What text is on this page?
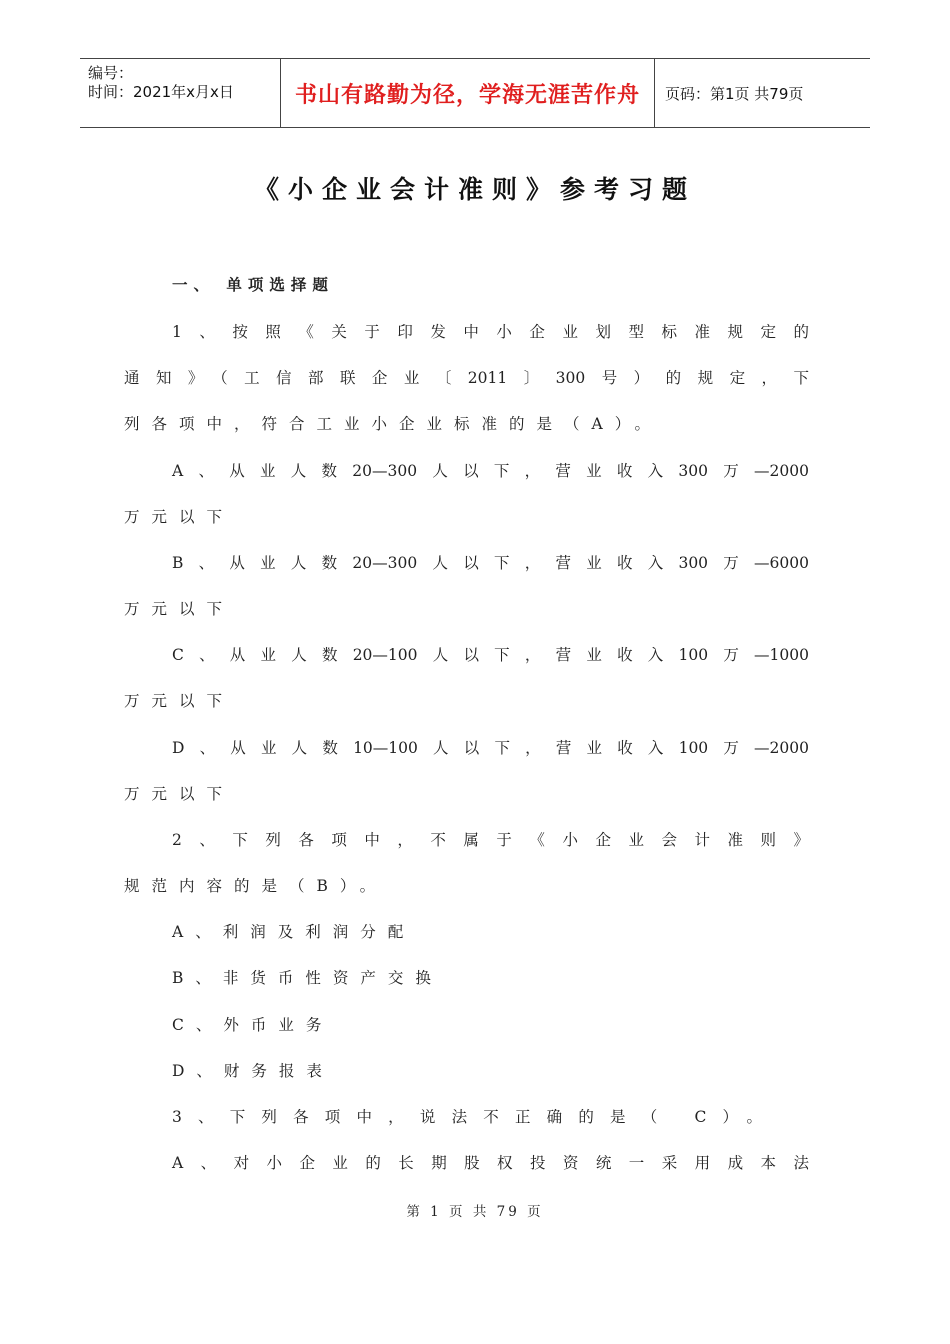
编号：
时间：2021年x月x日	书山有路勤为径，学海无涯苦作舟 页码：第1页 共79页
《小企业会计准则》参考习题
一、 单项选择题
1、按照《关于印发中小企业划型标准规定的
通知》（工信部联企业〔2011〕300号）的规定，下
列各项中，符合工业小企业标准的是（A）。
A、从业人数20—300人以下，营业收入300万—2000
万元以下
B、从业人数20—300人以下，营业收入300万—6000
万元以下
C、从业人数20—100人以下，营业收入100万—1000
万元以下
D、从业人数10—100人以下，营业收入100万—2000
万元以下
2、下列各项中，不属于《小企业会计准则》
规范内容的是（B）。
A、利润及利润分配
B、非货币性资产交换
C、外币业务
D、财务报表
3、下列各项中，说法不正确的是（ C）。
A、对小企业的长期股权投资统一采用成本法
第 1 页 共 79 页
